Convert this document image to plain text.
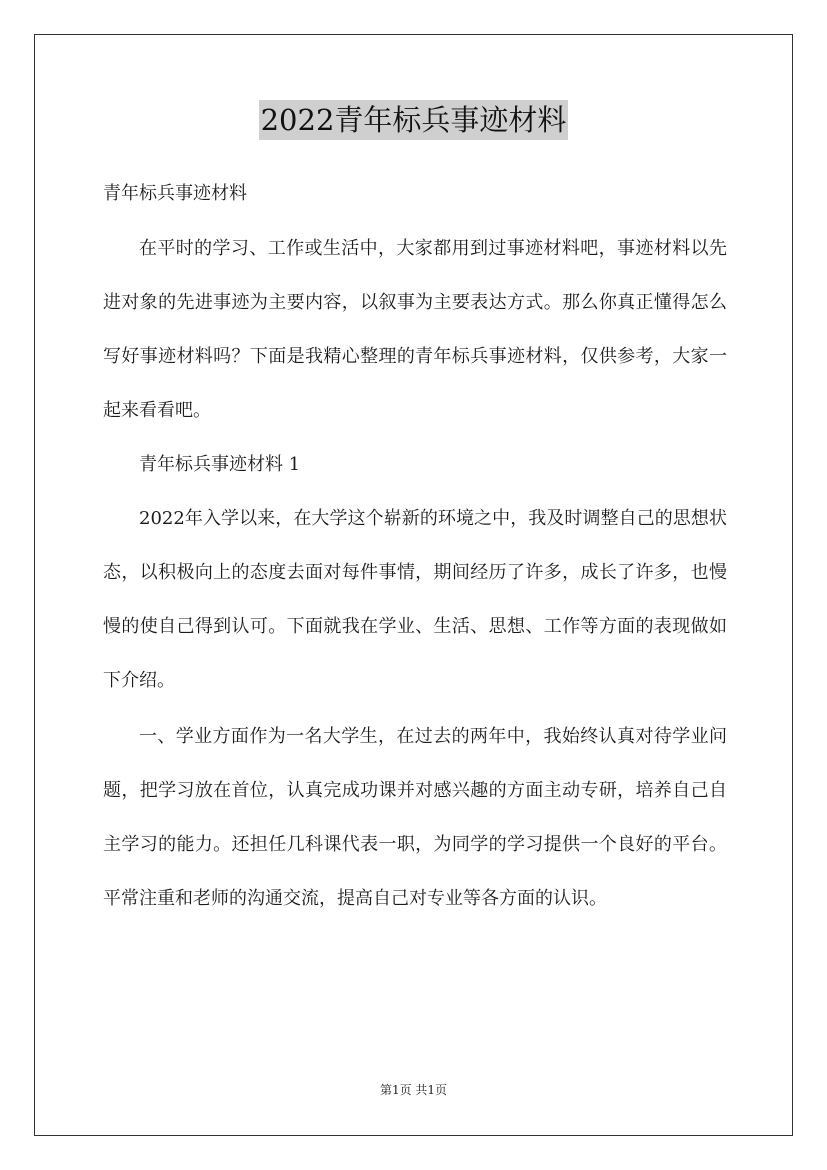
2022青年标兵事迹材料

青年标兵事迹材料

在平时的学习、工作或生活中，大家都用到过事迹材料吧，事迹材料以先进对象的先进事迹为主要内容，以叙事为主要表达方式。那么你真正懂得怎么写好事迹材料吗？下面是我精心整理的青年标兵事迹材料，仅供参考，大家一起来看看吧。

青年标兵事迹材料 1

2022年入学以来，在大学这个崭新的环境之中，我及时调整自己的思想状态，以积极向上的态度去面对每件事情，期间经历了许多，成长了许多，也慢慢的使自己得到认可。下面就我在学业、生活、思想、工作等方面的表现做如下介绍。

一、学业方面作为一名大学生，在过去的两年中，我始终认真对待学业问题，把学习放在首位，认真完成功课并对感兴趣的方面主动专研，培养自己自主学习的能力。还担任几科课代表一职，为同学的学习提供一个良好的平台。平常注重和老师的沟通交流，提高自己对专业等各方面的认识。

第1页 共1页
